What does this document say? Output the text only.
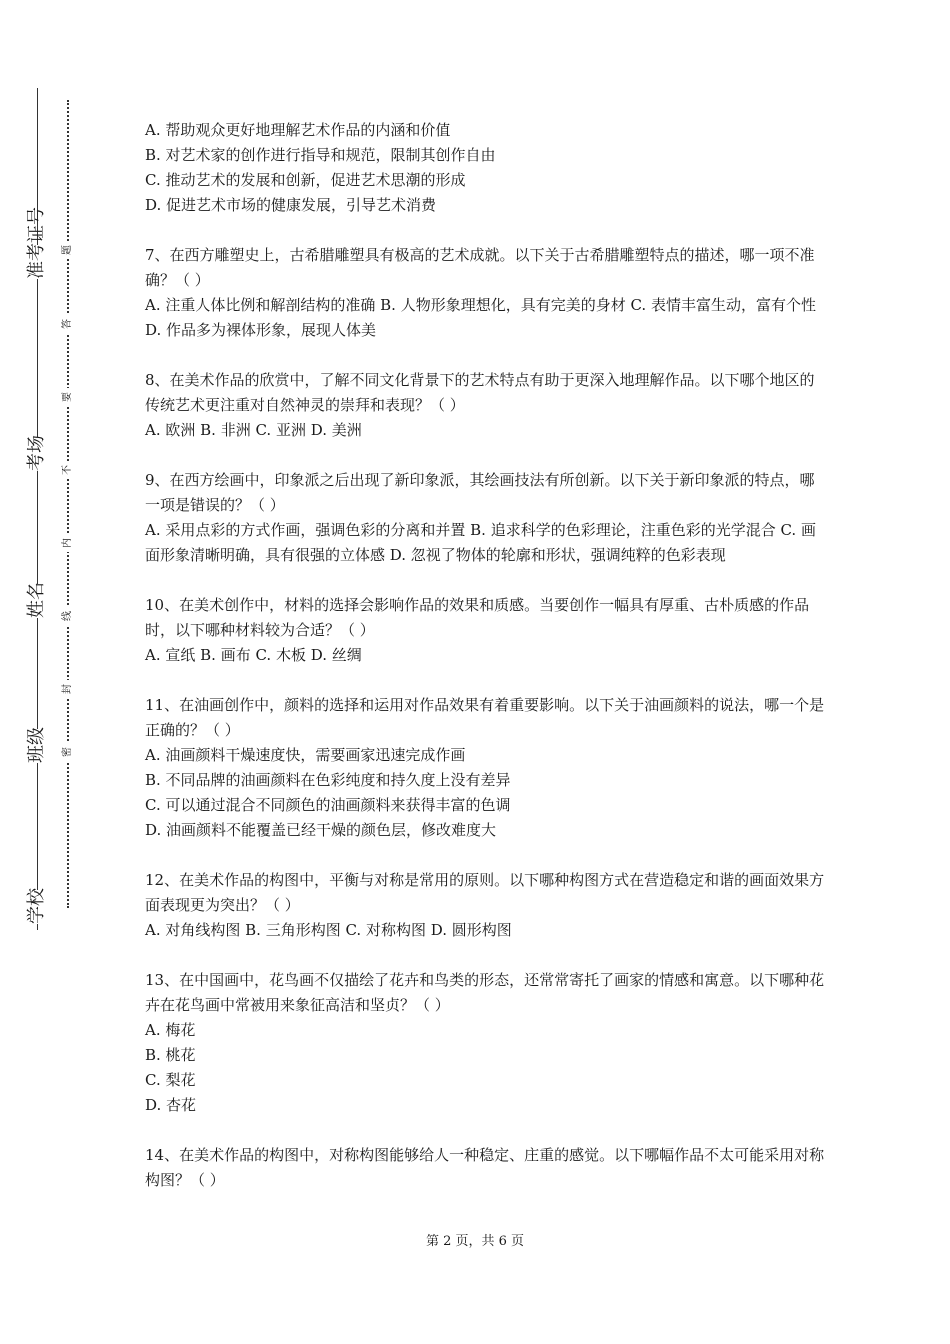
准考证号
考场
姓名
班级
学校
题
答
要
不
内
线
封
密

A. 帮助观众更好地理解艺术作品的内涵和价值

B. 对艺术家的创作进行指导和规范，限制其创作自由

C. 推动艺术的发展和创新，促进艺术思潮的形成

D. 促进艺术市场的健康发展，引导艺术消费

7、在西方雕塑史上，古希腊雕塑具有极高的艺术成就。以下关于古希腊雕塑特点的描述，哪一项不准确？（ ）

A. 注重人体比例和解剖结构的准确 B. 人物形象理想化，具有完美的身材 C. 表情丰富生动，富有个性 D. 作品多为裸体形象，展现人体美

8、在美术作品的欣赏中，了解不同文化背景下的艺术特点有助于更深入地理解作品。以下哪个地区的传统艺术更注重对自然神灵的崇拜和表现？（ ）

A. 欧洲 B. 非洲 C. 亚洲 D. 美洲

9、在西方绘画中，印象派之后出现了新印象派，其绘画技法有所创新。以下关于新印象派的特点，哪一项是错误的？（ ）

A. 采用点彩的方式作画，强调色彩的分离和并置 B. 追求科学的色彩理论，注重色彩的光学混合 C. 画面形象清晰明确，具有很强的立体感 D. 忽视了物体的轮廓和形状，强调纯粹的色彩表现

10、在美术创作中，材料的选择会影响作品的效果和质感。当要创作一幅具有厚重、古朴质感的作品时，以下哪种材料较为合适？（ ）

A. 宣纸 B. 画布 C. 木板 D. 丝绸

11、在油画创作中，颜料的选择和运用对作品效果有着重要影响。以下关于油画颜料的说法，哪一个是正确的？（ ）

A. 油画颜料干燥速度快，需要画家迅速完成作画

B. 不同品牌的油画颜料在色彩纯度和持久度上没有差异

C. 可以通过混合不同颜色的油画颜料来获得丰富的色调

D. 油画颜料不能覆盖已经干燥的颜色层，修改难度大

12、在美术作品的构图中，平衡与对称是常用的原则。以下哪种构图方式在营造稳定和谐的画面效果方面表现更为突出？（ ）

A. 对角线构图 B. 三角形构图 C. 对称构图 D. 圆形构图

13、在中国画中，花鸟画不仅描绘了花卉和鸟类的形态，还常常寄托了画家的情感和寓意。以下哪种花卉在花鸟画中常被用来象征高洁和坚贞？（ ）

A. 梅花

B. 桃花

C. 梨花

D. 杏花

14、在美术作品的构图中，对称构图能够给人一种稳定、庄重的感觉。以下哪幅作品不太可能采用对称构图？（ ）

第 2 页，共 6 页
